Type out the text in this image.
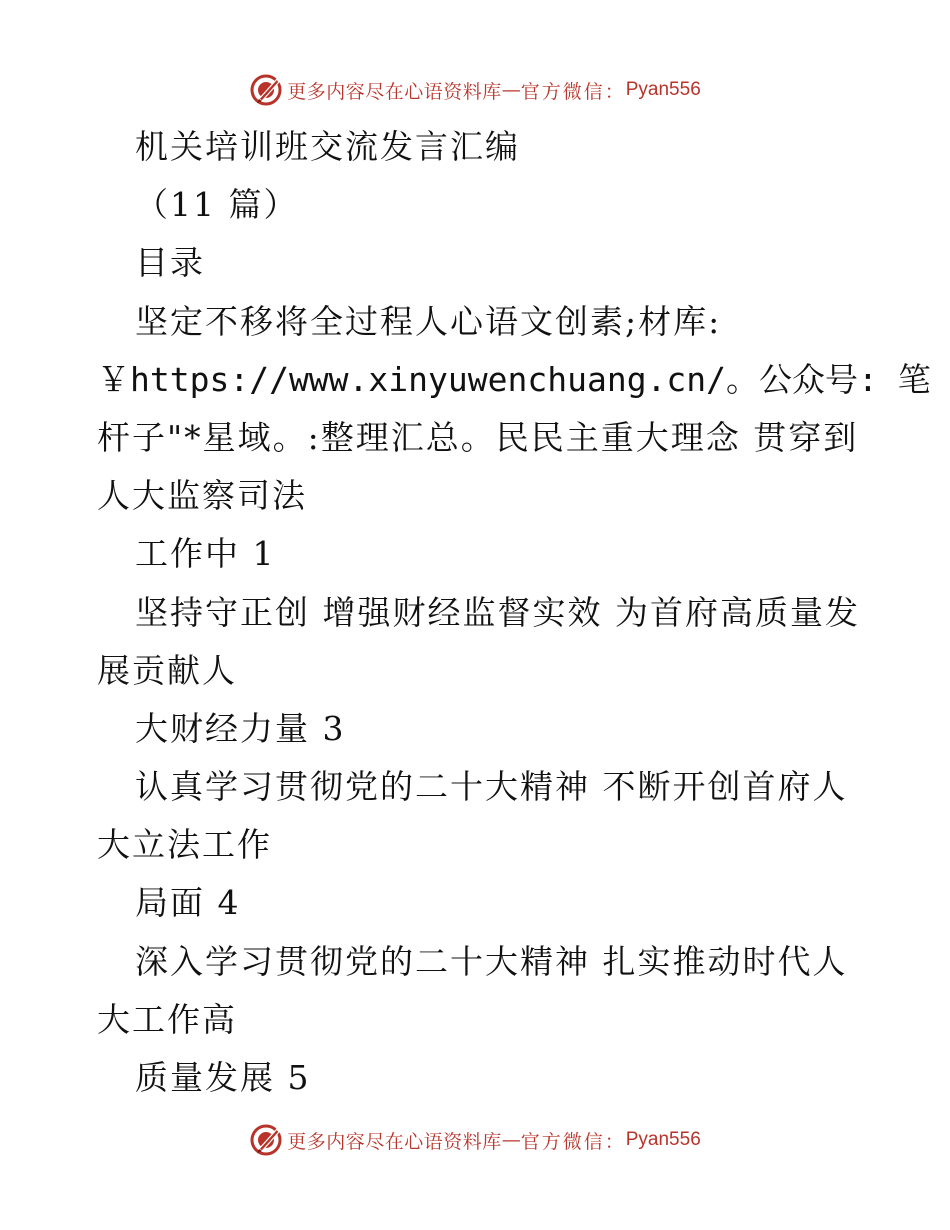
更多内容尽在心语资料库 — 官方微信： Pyan556
机关培训班交流发言汇编
（11 篇）
目录
坚定不移将全过程人心语文创素;材库:
￥https://www.xinyuwenchuang.cn/。公众号: 笔
杆子"*星域。:整理汇总。民民主重大理念 贯穿到
人大监察司法
工作中 1
坚持守正创 增强财经监督实效 为首府高质量发
展贡献人
大财经力量 3
认真学习贯彻党的二十大精神 不断开创首府人
大立法工作
局面 4
深入学习贯彻党的二十大精神 扎实推动时代人
大工作高
质量发展 5
更多内容尽在心语资料库 — 官方微信： Pyan556
